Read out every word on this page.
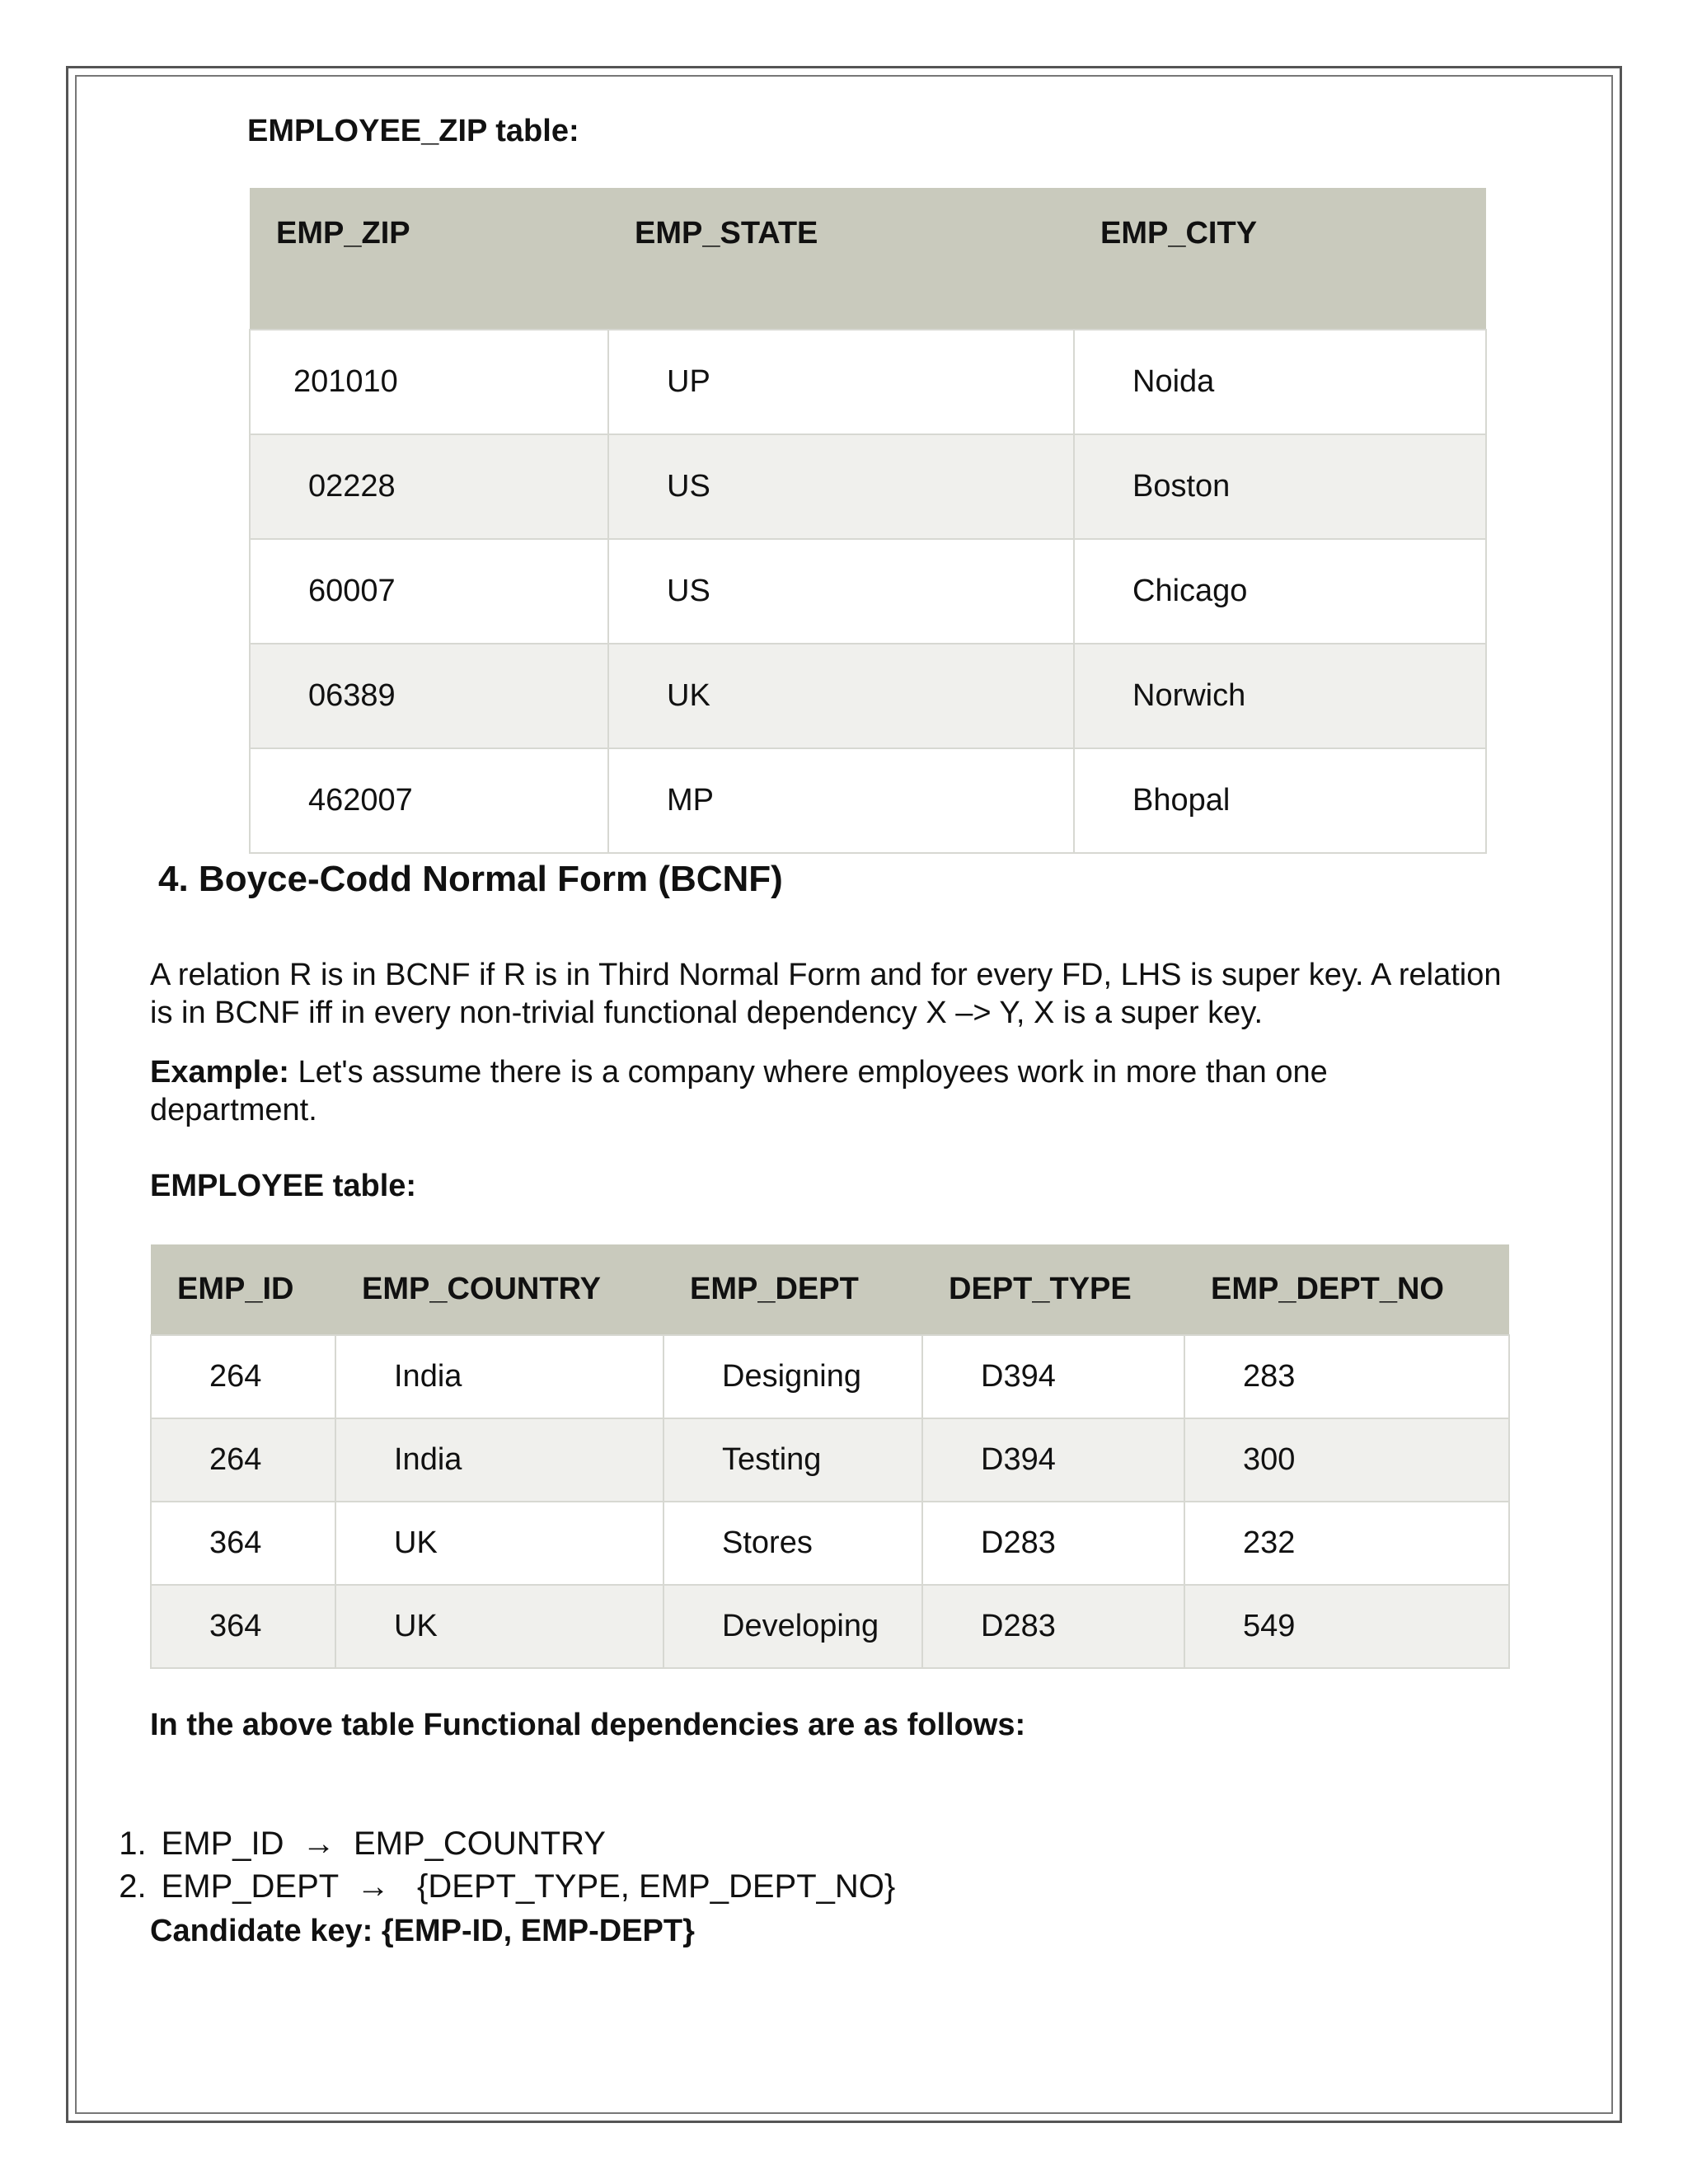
EMPLOYEE_ZIP table:
EMP_ZIP	EMP_STATE	EMP_CITY
201010	UP	Noida
02228	US	Boston
60007	US	Chicago
06389	UK	Norwich
462007	MP	Bhopal
4. Boyce-Codd Normal Form (BCNF)
A relation R is in BCNF if R is in Third Normal Form and for every FD, LHS is super key. A relation is in BCNF iff in every non-trivial functional dependency X –> Y, X is a super key.
Example: Let's assume there is a company where employees work in more than one department.
EMPLOYEE table:
EMP_ID	EMP_COUNTRY	EMP_DEPT	DEPT_TYPE	EMP_DEPT_NO
264	India	Designing	D394	283
264	India	Testing	D394	300
364	UK	Stores	D283	232
364	UK	Developing	D283	549
In the above table Functional dependencies are as follows:

1. EMP_ID  →  EMP_COUNTRY

2. EMP_DEPT  →   {DEPT_TYPE, EMP_DEPT_NO}

Candidate key: {EMP-ID, EMP-DEPT}
